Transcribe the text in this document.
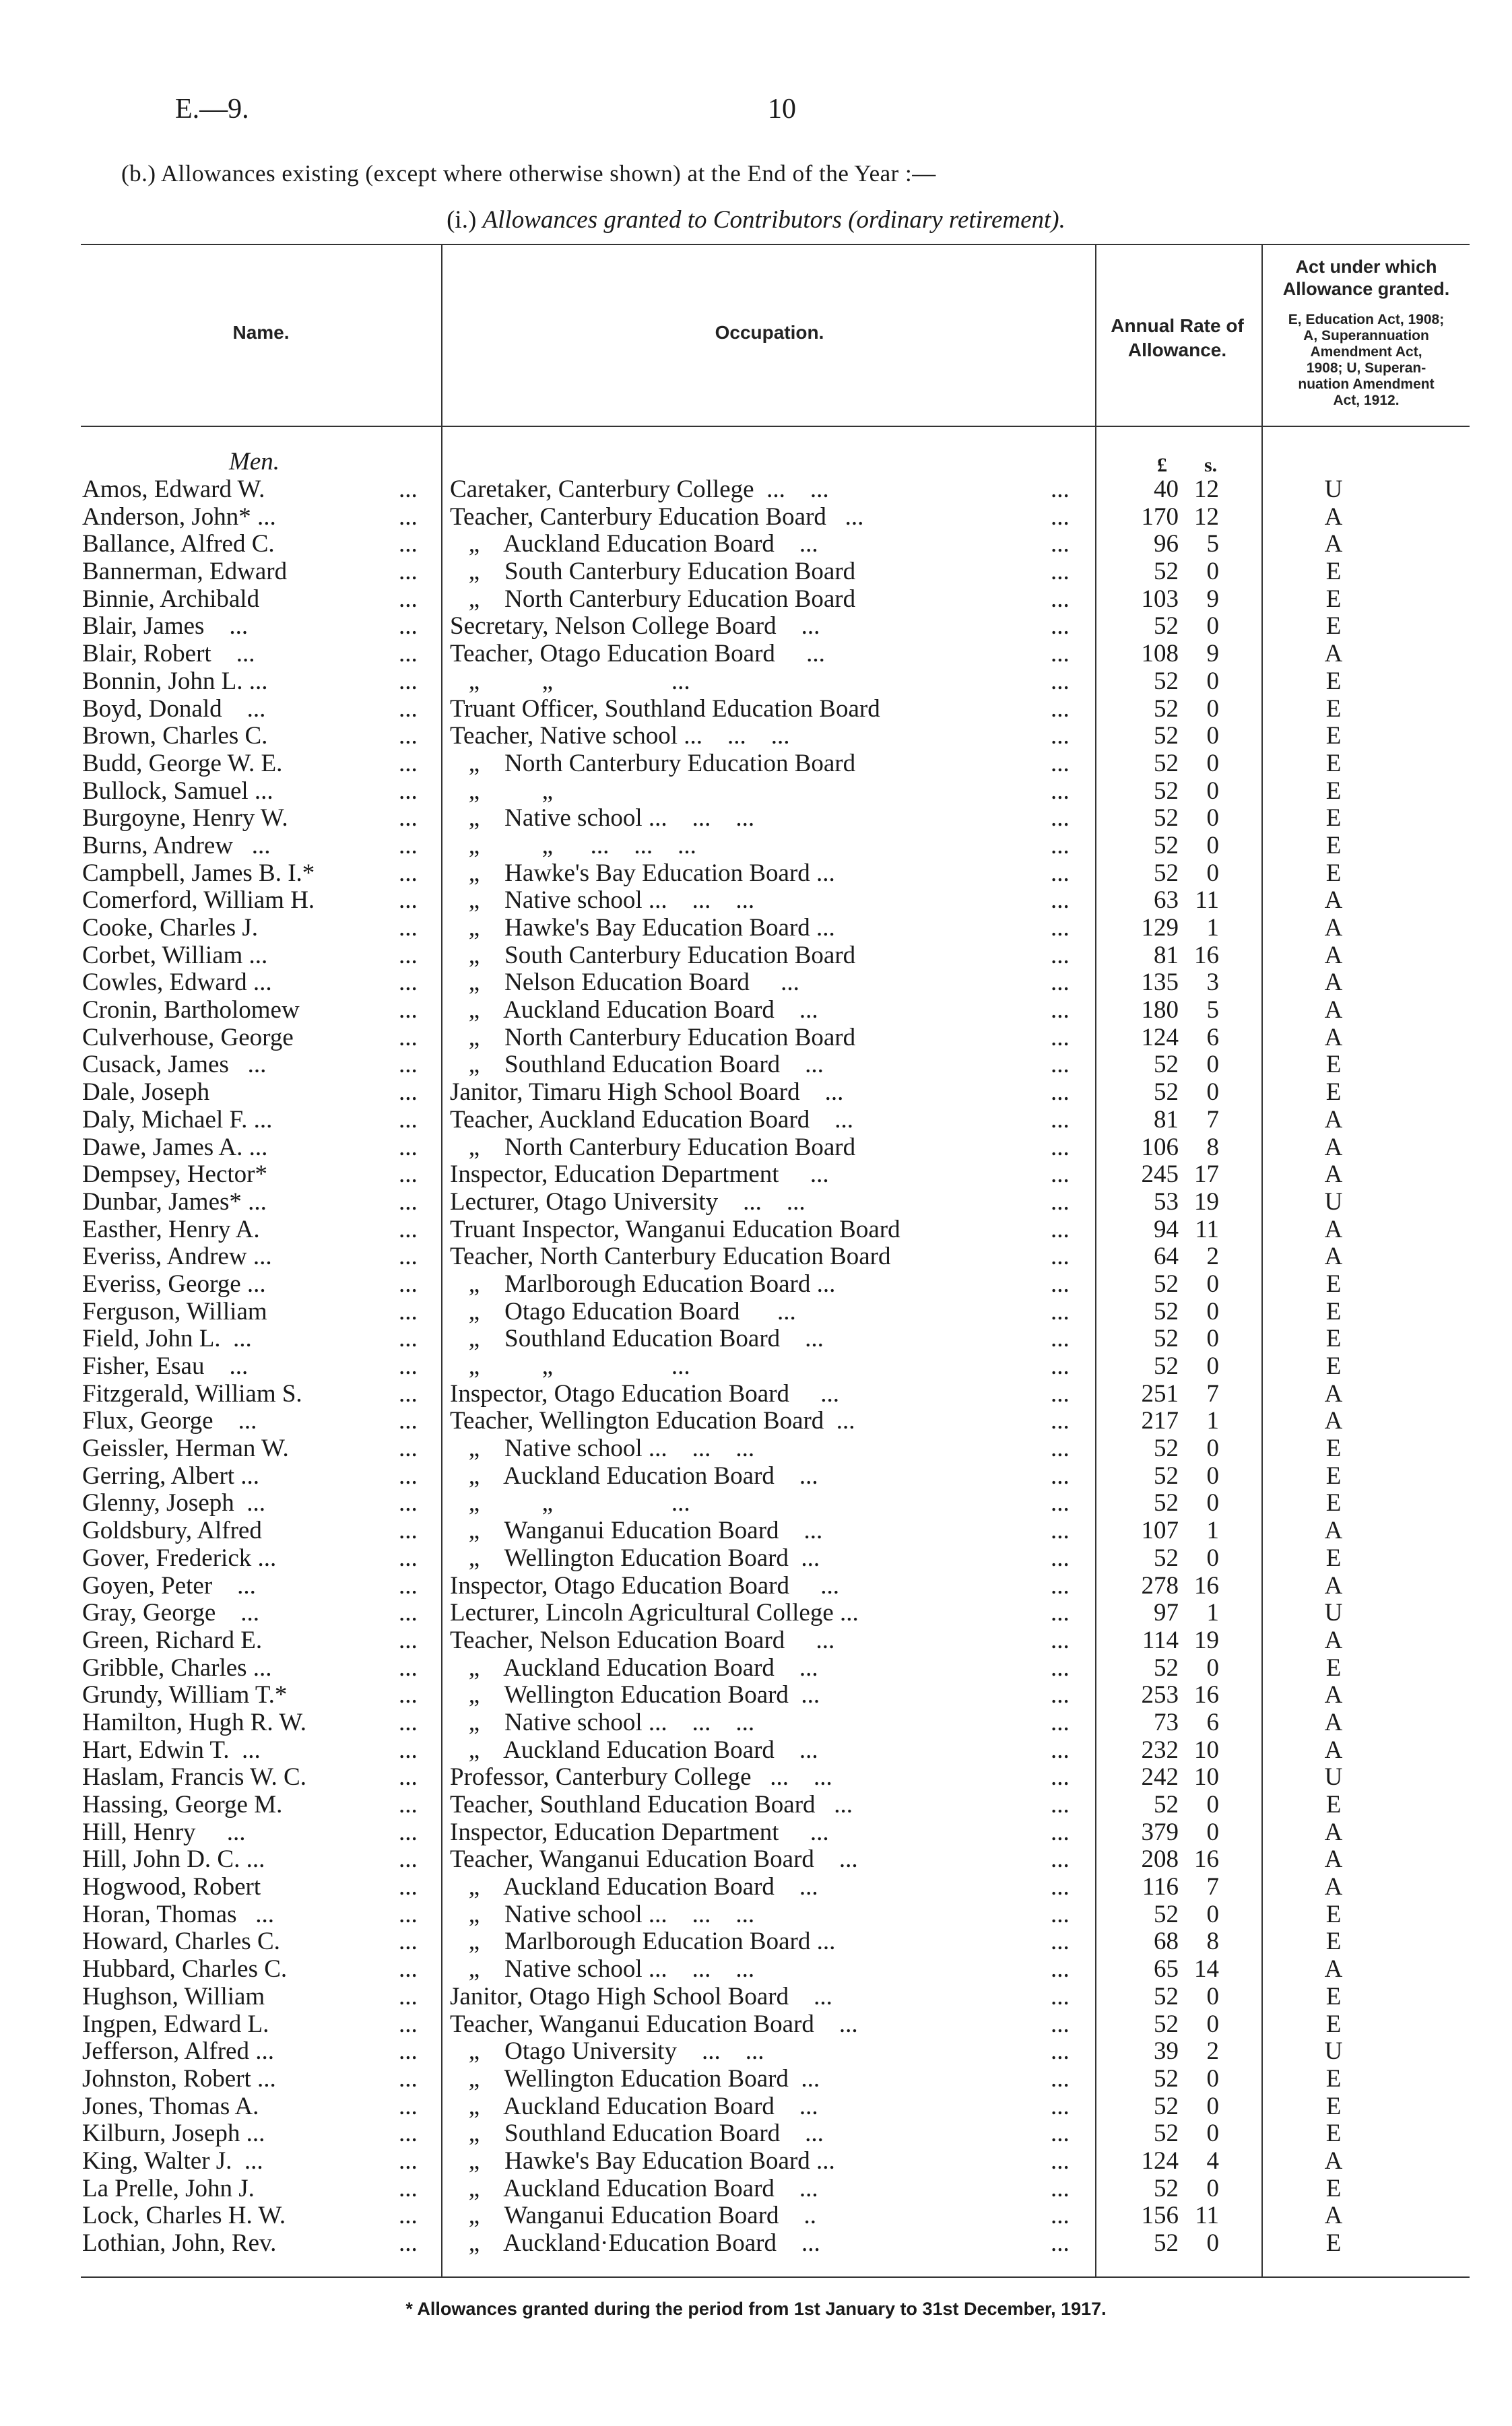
E.—9.	10
(b.) Allowances existing (except where otherwise shown) at the End of the Year :—
(i.) Allowances granted to Contributors (ordinary retirement).
Name.	Occupation.	Annual Rate of
Allowance.
Act under which
Allowance granted.
E, Education Act, 1908;
A, Superannuation
Amendment Act,
1908; U, Superan-
nuation Amendment
Act, 1912.
Men.	£ s.
Amos, Edward W.	... Caretaker, Canterbury College  ...    ...	...	40 12	U
Anderson, John* ...	... Teacher, Canterbury Education Board   ...	...	170 12	A
Ballance, Alfred C.	... „    Auckland Education Board    ...	...	96	5	A
Bannerman, Edward	... „    South Canterbury Education Board	...	52	0	E
Binnie, Archibald	... „    North Canterbury Education Board	...	103	9	E
Blair, James    ...	... Secretary, Nelson College Board    ...	...	52	0	E
Blair, Robert    ...	... Teacher, Otago Education Board     ...	...	108	9	A
Bonnin, John L. ...	... „          „                   ...	...	52	0	E
Boyd, Donald    ...	... Truant Officer, Southland Education Board	...	52	0	E
Brown, Charles C.	... Teacher, Native school ...    ...    ...	...	52	0	E
Budd, George W. E.	... „    North Canterbury Education Board	...	52	0	E
Bullock, Samuel ...	... „          „	...	52	0	E
Burgoyne, Henry W.	... „    Native school ...    ...    ...	...	52	0	E
Burns, Andrew   ...	... „          „      ...    ...    ...	...	52	0	E
Campbell, James B. I.*	... „    Hawke's Bay Education Board ...	...	52	0	E
Comerford, William H.	... „    Native school ...    ...    ...	...	63 11	A
Cooke, Charles J.	... „    Hawke's Bay Education Board ...	...	129	1	A
Corbet, William ...	... „    South Canterbury Education Board	...	81 16	A
Cowles, Edward ...	... „    Nelson Education Board     ...	...	135	3	A
Cronin, Bartholomew	... „    Auckland Education Board    ...	...	180	5	A
Culverhouse, George	... „    North Canterbury Education Board	...	124	6	A
Cusack, James   ...	... „    Southland Education Board    ...	...	52	0	E
Dale, Joseph	... Janitor, Timaru High School Board    ...	...	52	0	E
Daly, Michael F. ...	... Teacher, Auckland Education Board    ...	...	81	7	A
Dawe, James A. ...	... „    North Canterbury Education Board	...	106	8	A
Dempsey, Hector*	... Inspector, Education Department     ...	...	245 17	A
Dunbar, James* ...	... Lecturer, Otago University    ...    ...	...	53 19	U
Easther, Henry A.	... Truant Inspector, Wanganui Education Board	...	94 11	A
Everiss, Andrew ...	... Teacher, North Canterbury Education Board	...	64	2	A
Everiss, George ...	... „    Marlborough Education Board ...	...	52	0	E
Ferguson, William	... „    Otago Education Board      ...	...	52	0	E
Field, John L.  ...	... „    Southland Education Board    ...	...	52	0	E
Fisher, Esau    ...	... „          „                   ...	...	52	0	E
Fitzgerald, William S.	... Inspector, Otago Education Board     ...	...	251	7	A
Flux, George    ...	... Teacher, Wellington Education Board  ...	...	217	1	A
Geissler, Herman W.	... „    Native school ...    ...    ...	...	52	0	E
Gerring, Albert ...	... „    Auckland Education Board    ...	...	52	0	E
Glenny, Joseph  ...	... „          „                   ...	...	52	0	E
Goldsbury, Alfred	... „    Wanganui Education Board    ...	...	107	1	A
Gover, Frederick ...	... „    Wellington Education Board  ...	...	52	0	E
Goyen, Peter    ...	... Inspector, Otago Education Board     ...	...	278 16	A
Gray, George    ...	... Lecturer, Lincoln Agricultural College ...	...	97	1	U
Green, Richard E.	... Teacher, Nelson Education Board     ...	...	114 19	A
Gribble, Charles ...	... „    Auckland Education Board    ...	...	52	0	E
Grundy, William T.*	... „    Wellington Education Board  ...	...	253 16	A
Hamilton, Hugh R. W.	... „    Native school ...    ...    ...	...	73	6	A
Hart, Edwin T.  ...	... „    Auckland Education Board    ...	...	232 10	A
Haslam, Francis W. C.	... Professor, Canterbury College   ...    ...	...	242 10	U
Hassing, George M.	... Teacher, Southland Education Board   ...	...	52	0	E
Hill, Henry     ...	... Inspector, Education Department     ...	...	379	0	A
Hill, John D. C. ...	... Teacher, Wanganui Education Board    ...	...	208 16	A
Hogwood, Robert	... „    Auckland Education Board    ...	...	116	7	A
Horan, Thomas   ...	... „    Native school ...    ...    ...	...	52	0	E
Howard, Charles C.	... „    Marlborough Education Board ...	...	68	8	E
Hubbard, Charles C.	... „    Native school ...    ...    ...	...	65 14	A
Hughson, William	... Janitor, Otago High School Board    ...	...	52	0	E
Ingpen, Edward L.	... Teacher, Wanganui Education Board    ...	...	52	0	E
Jefferson, Alfred ...	... „    Otago University    ...    ...	...	39	2	U
Johnston, Robert ...	... „    Wellington Education Board  ...	...	52	0	E
Jones, Thomas A.	... „    Auckland Education Board    ...	...	52	0	E
Kilburn, Joseph ...	... „    Southland Education Board    ...	...	52	0	E
King, Walter J.  ...	... „    Hawke's Bay Education Board ...	...	124	4	A
La Prelle, John J.	... „    Auckland Education Board    ...	...	52	0	E
Lock, Charles H. W.	... „    Wanganui Education Board    ..	...	156 11	A
Lothian, John, Rev.	... „    Auckland·Education Board    ...	...	52	0	E
* Allowances granted during the period from 1st January to 31st December, 1917.
